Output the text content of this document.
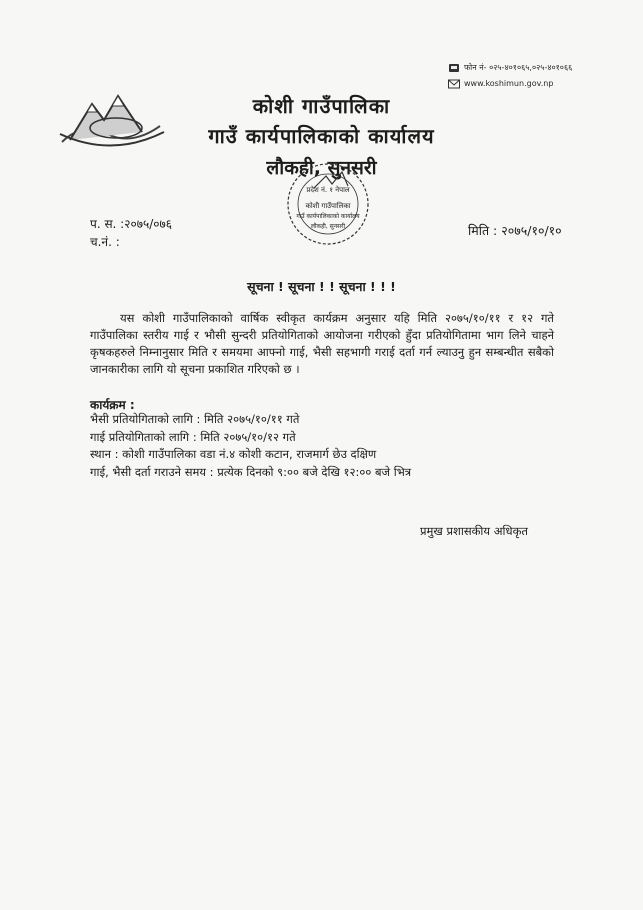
फोन नं- ०२५-४०१०६५,०२५-४०१०६६
www.koshimun.gov.np
कोशी गाउँपालिका
गाउँ कार्यपालिकाको कार्यालय
लौकही, सुनसरी
प्रदेश नं. १ नेपाल
कोशी गाउँपालिका
गाउँ कार्यपालिकाको कार्यालय
लौकही, सुनसरी
प. स. :२०७५/०७६
च.नं. :
मिति : २०७५/१०/१०
सूचना ! सूचना ! ! सूचना ! ! !
यस कोशी गाउँपालिकाको वार्षिक स्वीकृत कार्यक्रम अनुसार यहि मिति २०७५/१०/११ र १२ गते गाउँपालिका स्तरीय गाई र भौसी सुन्दरी प्रतियोगिताको आयोजना गरीएको हुँदा प्रतियोगितामा भाग लिने चाहने कृषकहरुले निम्नानुसार मिति र समयमा आफ्नो गाई, भैसी सहभागी गराई दर्ता गर्न ल्याउनु हुन सम्बन्धीत सबैको जानकारीका लागि यो सूचना प्रकाशित गरिएको छ ।
कार्यक्रम :
भैसी प्रतियोगिताको लागि : मिति २०७५/१०/११ गते
गाई प्रतियोगिताको लागि : मिति २०७५/१०/१२ गते
स्थान : कोशी गाउँपालिका वडा नं.४ कोशी कटान, राजमार्ग छेउ दक्षिण
गाई, भैसी दर्ता गराउने समय : प्रत्येक दिनको ९:०० बजे देखि १२:०० बजे भित्र
प्रमुख प्रशासकीय अधिकृत
